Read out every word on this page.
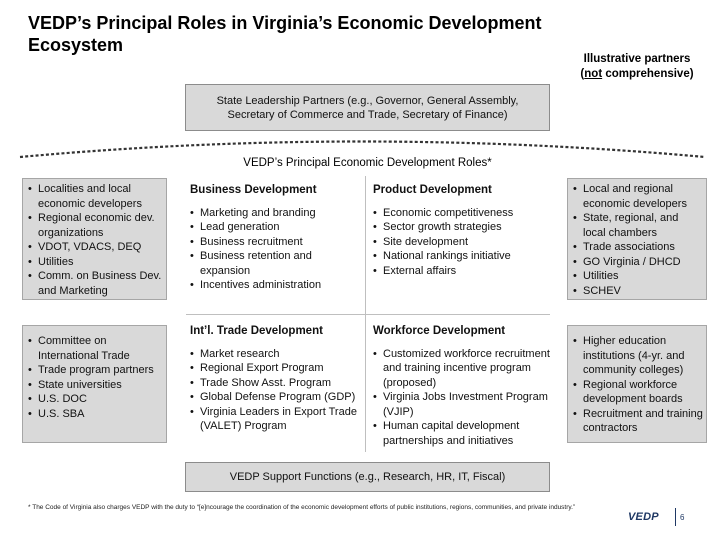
VEDP’s Principal Roles in Virginia’s Economic Development Ecosystem
Illustrative partners
(not comprehensive)
State Leadership Partners (e.g., Governor, General Assembly, Secretary of Commerce and Trade, Secretary of Finance)
VEDP’s Principal Economic Development Roles*
• Localities and local economic developers
• Regional economic dev. organizations
• VDOT, VDACS, DEQ
• Utilities
• Comm. on Business Dev. and Marketing
• Committee on International Trade
• Trade program partners
• State universities
• U.S. DOC
• U.S. SBA
• Local and regional economic developers
• State, regional, and local chambers
• Trade associations
• GO Virginia / DHCD
• Utilities
• SCHEV
• Higher education institutions (4-yr. and community colleges)
• Regional workforce development boards
• Recruitment and training contractors
Business Development
• Marketing and branding
• Lead generation
• Business recruitment
• Business retention and expansion
• Incentives administration
Product Development
• Economic competitiveness
• Sector growth strategies
• Site development
• National rankings initiative
• External affairs
Int’l. Trade Development
• Market research
• Regional Export Program
• Trade Show Asst. Program
• Global Defense Program (GDP)
• Virginia Leaders in Export Trade (VALET) Program
Workforce Development
• Customized workforce recruitment and training incentive program (proposed)
• Virginia Jobs Investment Program (VJIP)
• Human capital development partnerships and initiatives
VEDP Support Functions (e.g., Research, HR, IT, Fiscal)
* The Code of Virginia also charges VEDP with the duty to “[e]ncourage the coordination of the economic development efforts of public institutions, regions, communities, and private industry.”
VEDP	6
